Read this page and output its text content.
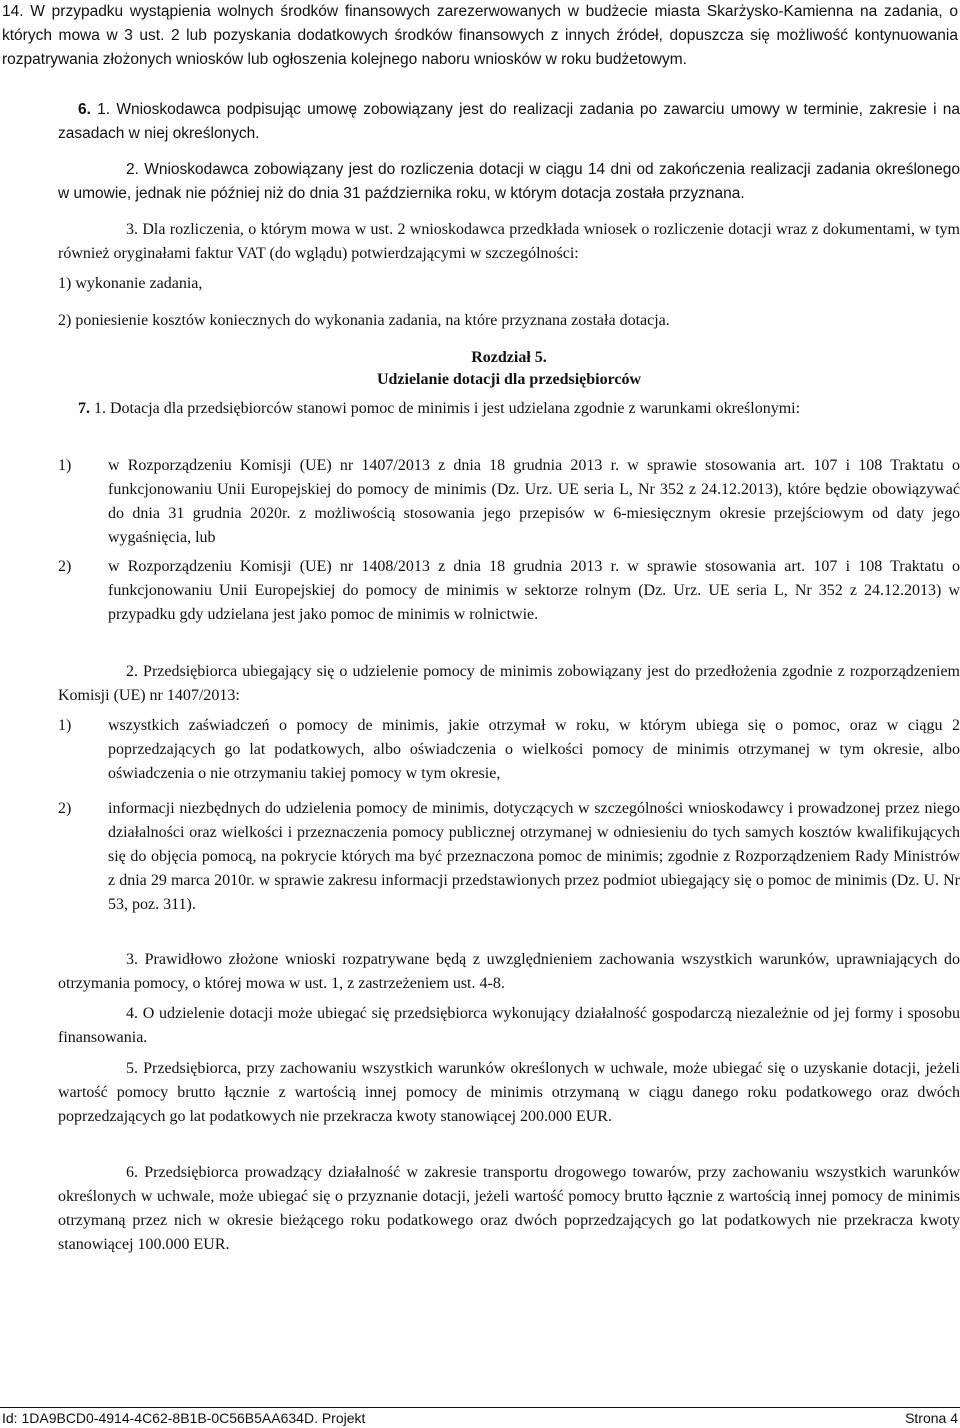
14. W przypadku wystąpienia wolnych środków finansowych zarezerwowanych w budżecie miasta Skarżysko-Kamienna na zadania, o których mowa w 3 ust. 2 lub pozyskania dodatkowych środków finansowych z innych źródeł, dopuszcza się możliwość kontynuowania rozpatrywania złożonych wniosków lub ogłoszenia kolejnego naboru wniosków w roku budżetowym.

6. 1. Wnioskodawca podpisując umowę zobowiązany jest do realizacji zadania po zawarciu umowy w terminie, zakresie i na zasadach w niej określonych.

2. Wnioskodawca zobowiązany jest do rozliczenia dotacji w ciągu 14 dni od zakończenia realizacji zadania określonego w umowie, jednak nie później niż do dnia 31 października roku, w którym dotacja została przyznana.

3. Dla rozliczenia, o którym mowa w ust. 2 wnioskodawca przedkłada wniosek o rozliczenie dotacji wraz z dokumentami, w tym również oryginałami faktur VAT (do wglądu) potwierdzającymi w szczególności:

1) wykonanie zadania,

2) poniesienie kosztów koniecznych do wykonania zadania, na które przyznana została dotacja.

Rozdział 5.

Udzielanie dotacji dla przedsiębiorców

7. 1. Dotacja dla przedsiębiorców stanowi pomoc de minimis i jest udzielana zgodnie z warunkami określonymi:

1) w Rozporządzeniu Komisji (UE) nr 1407/2013 z dnia 18 grudnia 2013 r. w sprawie stosowania art. 107 i 108 Traktatu o funkcjonowaniu Unii Europejskiej do pomocy de minimis (Dz. Urz. UE seria L, Nr 352 z 24.12.2013), które będzie obowiązywać do dnia 31 grudnia 2020r. z możliwością stosowania jego przepisów w 6-miesięcznym okresie przejściowym od daty jego wygaśnięcia, lub
2) w Rozporządzeniu Komisji (UE) nr 1408/2013 z dnia 18 grudnia 2013 r. w sprawie stosowania art. 107 i 108 Traktatu o funkcjonowaniu Unii Europejskiej do pomocy de minimis w sektorze rolnym (Dz. Urz. UE seria L, Nr 352 z 24.12.2013) w przypadku gdy udzielana jest jako pomoc de minimis w rolnictwie.

2. Przedsiębiorca ubiegający się o udzielenie pomocy de minimis zobowiązany jest do przedłożenia zgodnie z rozporządzeniem Komisji (UE) nr 1407/2013:

1) wszystkich zaświadczeń o pomocy de minimis, jakie otrzymał w roku, w którym ubiega się o pomoc, oraz w ciągu 2 poprzedzających go lat podatkowych, albo oświadczenia o wielkości pomocy de minimis otrzymanej w tym okresie, albo oświadczenia o nie otrzymaniu takiej pomocy w tym okresie,
2) informacji niezbędnych do udzielenia pomocy de minimis, dotyczących w szczególności wnioskodawcy i prowadzonej przez niego działalności oraz wielkości i przeznaczenia pomocy publicznej otrzymanej w odniesieniu do tych samych kosztów kwalifikujących się do objęcia pomocą, na pokrycie których ma być przeznaczona pomoc de minimis; zgodnie z Rozporządzeniem Rady Ministrów z dnia 29 marca 2010r. w sprawie zakresu informacji przedstawionych przez podmiot ubiegający się o pomoc de minimis (Dz. U. Nr 53, poz. 311).

3. Prawidłowo złożone wnioski rozpatrywane będą z uwzględnieniem zachowania wszystkich warunków, uprawniających do otrzymania pomocy, o której mowa w ust. 1, z zastrzeżeniem ust. 4-8.

4. O udzielenie dotacji może ubiegać się przedsiębiorca wykonujący działalność gospodarczą niezależnie od jej formy i sposobu finansowania.

5. Przedsiębiorca, przy zachowaniu wszystkich warunków określonych w uchwale, może ubiegać się o uzyskanie dotacji, jeżeli wartość pomocy brutto łącznie z wartością innej pomocy de minimis otrzymaną w ciągu danego roku podatkowego oraz dwóch poprzedzających go lat podatkowych nie przekracza kwoty stanowiącej 200.000 EUR.

6. Przedsiębiorca prowadzący działalność w zakresie transportu drogowego towarów, przy zachowaniu wszystkich warunków określonych w uchwale, może ubiegać się o przyznanie dotacji, jeżeli wartość pomocy brutto łącznie z wartością innej pomocy de minimis otrzymaną przez nich w okresie bieżącego roku podatkowego oraz dwóch poprzedzających go lat podatkowych nie przekracza kwoty stanowiącej 100.000 EUR.

Id: 1DA9BCD0-4914-4C62-8B1B-0C56B5AA634D. Projekt	Strona 4
